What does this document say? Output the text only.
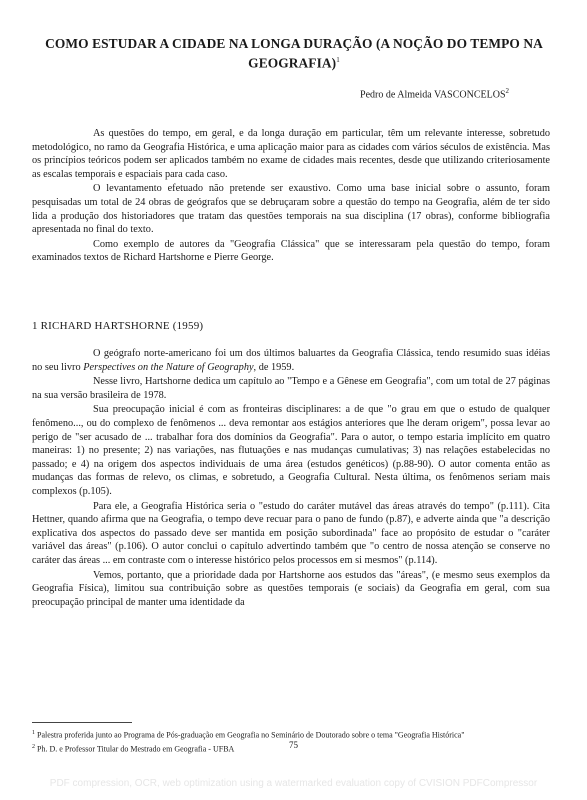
COMO ESTUDAR A CIDADE NA LONGA DURAÇÃO (A NOÇÃO DO TEMPO NA GEOGRAFIA)$^1$
Pedro de Almeida VASCONCELOS$^2$

As questões do tempo, em geral, e da longa duração em particular, têm um relevante interesse, sobretudo metodológico, no ramo da Geografia Histórica, e uma aplicação maior para as cidades com vários séculos de existência. Mas os princípios teóricos podem ser aplicados também no exame de cidades mais recentes, desde que utilizando criteriosamente as escalas temporais e espaciais para cada caso.

O levantamento efetuado não pretende ser exaustivo. Como uma base inicial sobre o assunto, foram pesquisadas um total de 24 obras de geógrafos que se debruçaram sobre a questão do tempo na Geografia, além de ter sido lida a produção dos historiadores que tratam das questões temporais na sua disciplina (17 obras), conforme bibliografia apresentada no final do texto.

Como exemplo de autores da "Geografia Clássica" que se interessaram pela questão do tempo, foram examinados textos de Richard Hartshorne e Pierre George.

1 RICHARD HARTSHORNE (1959)

O geógrafo norte-americano foi um dos últimos baluartes da Geografia Clássica, tendo resumido suas idéias no seu livro Perspectives on the Nature of Geography, de 1959.

Nesse livro, Hartshorne dedica um capítulo ao "Tempo e a Gênese em Geografia", com um total de 27 páginas na sua versão brasileira de 1978.

Sua preocupação inicial é com as fronteiras disciplinares: a de que "o grau em que o estudo de qualquer fenômeno..., ou do complexo de fenômenos ... deva remontar aos estágios anteriores que lhe deram origem", possa levar ao perigo de "ser acusado de ... trabalhar fora dos domínios da Geografia". Para o autor, o tempo estaria implícito em quatro maneiras: 1) no presente; 2) nas variações, nas flutuações e nas mudanças cumulativas; 3) nas relações estabelecidas no passado; e 4) na origem dos aspectos individuais de uma área (estudos genéticos) (p.88-90). O autor comenta então as mudanças das formas de relevo, os climas, e sobretudo, a Geografia Cultural. Nesta última, os fenômenos seriam mais complexos (p.105).

Para ele, a Geografia Histórica seria o "estudo do caráter mutável das áreas através do tempo" (p.111). Cita Hettner, quando afirma que na Geografia, o tempo deve recuar para o pano de fundo (p.87), e adverte ainda que "a descrição explicativa dos aspectos do passado deve ser mantida em posição subordinada" face ao propósito de estudar o "caráter variável das áreas" (p.106). O autor conclui o capítulo advertindo também que "o centro de nossa atenção se conserve no caráter das áreas ... em contraste com o interesse histórico pelos processos em si mesmos" (p.114).

Vemos, portanto, que a prioridade dada por Hartshorne aos estudos das "áreas", (e mesmo seus exemplos da Geografia Física), limitou sua contribuição sobre as questões temporais (e sociais) da Geografia em geral, com sua preocupação principal de manter uma identidade da

$^1$ Palestra proferida junto ao Programa de Pós-graduação em Geografia no Seminário de Doutorado sobre o tema "Geografia Histórica"
$^2$ Ph. D. e Professor Titular do Mestrado em Geografia - UFBA	75
PDF compression, OCR, web optimization using a watermarked evaluation copy of CVISION PDFCompressor
